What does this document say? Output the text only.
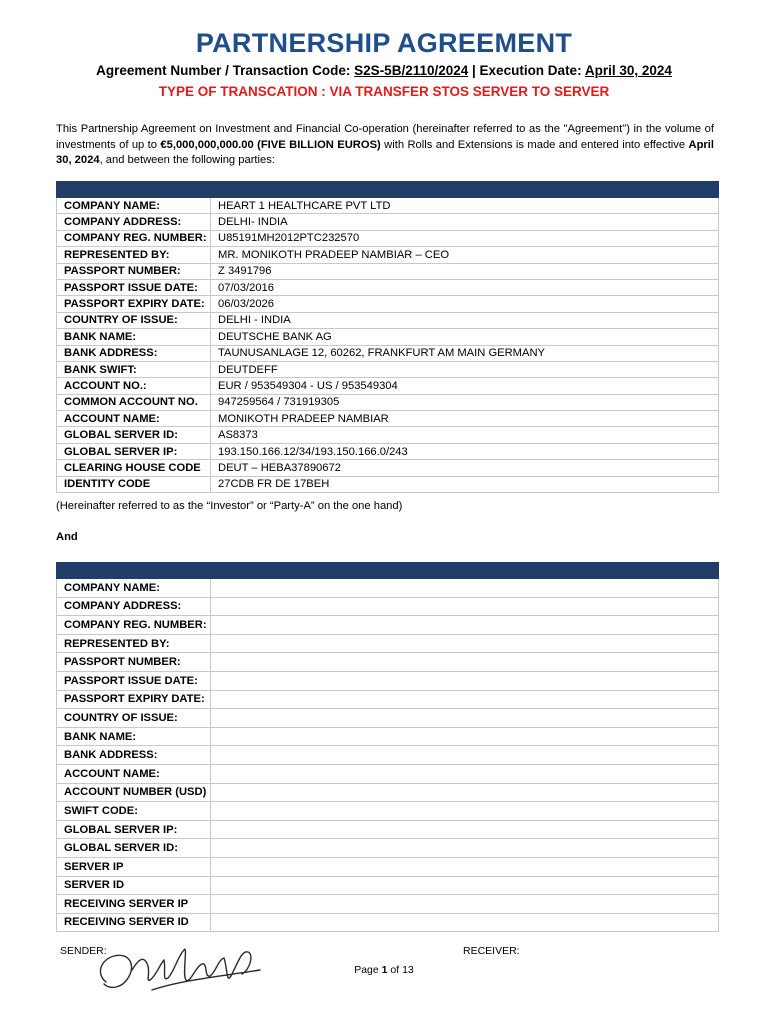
PARTNERSHIP AGREEMENT
Agreement Number / Transaction Code: S2S-5B/2110/2024 | Execution Date: April 30, 2024
TYPE OF TRANSCATION : VIA TRANSFER STOS SERVER TO SERVER
This Partnership Agreement on Investment and Financial Co-operation (hereinafter referred to as the "Agreement") in the volume of investments of up to €5,000,000,000.00 (FIVE BILLION EUROS) with Rolls and Extensions is made and entered into effective April 30, 2024, and between the following parties:

COMPANY NAME:	HEART 1 HEALTHCARE PVT LTD
COMPANY ADDRESS:	DELHI- INDIA
COMPANY REG. NUMBER:	U85191MH2012PTC232570
REPRESENTED BY:	MR. MONIKOTH PRADEEP NAMBIAR – CEO
PASSPORT NUMBER:	Z 3491796
PASSPORT ISSUE DATE:	07/03/2016
PASSPORT EXPIRY DATE:	06/03/2026
COUNTRY OF ISSUE:	DELHI - INDIA
BANK NAME:	DEUTSCHE BANK AG
BANK ADDRESS:	TAUNUSANLAGE 12, 60262, FRANKFURT AM MAIN GERMANY
BANK SWIFT:	DEUTDEFF
ACCOUNT NO.:	EUR / 953549304 - US / 953549304
COMMON ACCOUNT NO.	947259564 / 731919305
ACCOUNT NAME:	MONIKOTH PRADEEP NAMBIAR
GLOBAL SERVER ID:	AS8373
GLOBAL SERVER IP:	193.150.166.12/34/193.150.166.0/243
CLEARING HOUSE CODE	DEUT – HEBA37890672
IDENTITY CODE	27CDB FR DE 17BEH
(Hereinafter referred to as the “Investor” or “Party-A” on the one hand)
And

COMPANY NAME:	
COMPANY ADDRESS:	
COMPANY REG. NUMBER:	
REPRESENTED BY:	
PASSPORT NUMBER:	
PASSPORT ISSUE DATE:	
PASSPORT EXPIRY DATE:	
COUNTRY OF ISSUE:	
BANK NAME:	
BANK ADDRESS:	
ACCOUNT NAME:	
ACCOUNT NUMBER (USD)	
SWIFT CODE:	
GLOBAL SERVER IP:	
GLOBAL SERVER ID:	
SERVER IP	
SERVER ID	
RECEIVING SERVER IP	
RECEIVING SERVER ID	
SENDER:	RECEIVER:
Page 1 of 13
